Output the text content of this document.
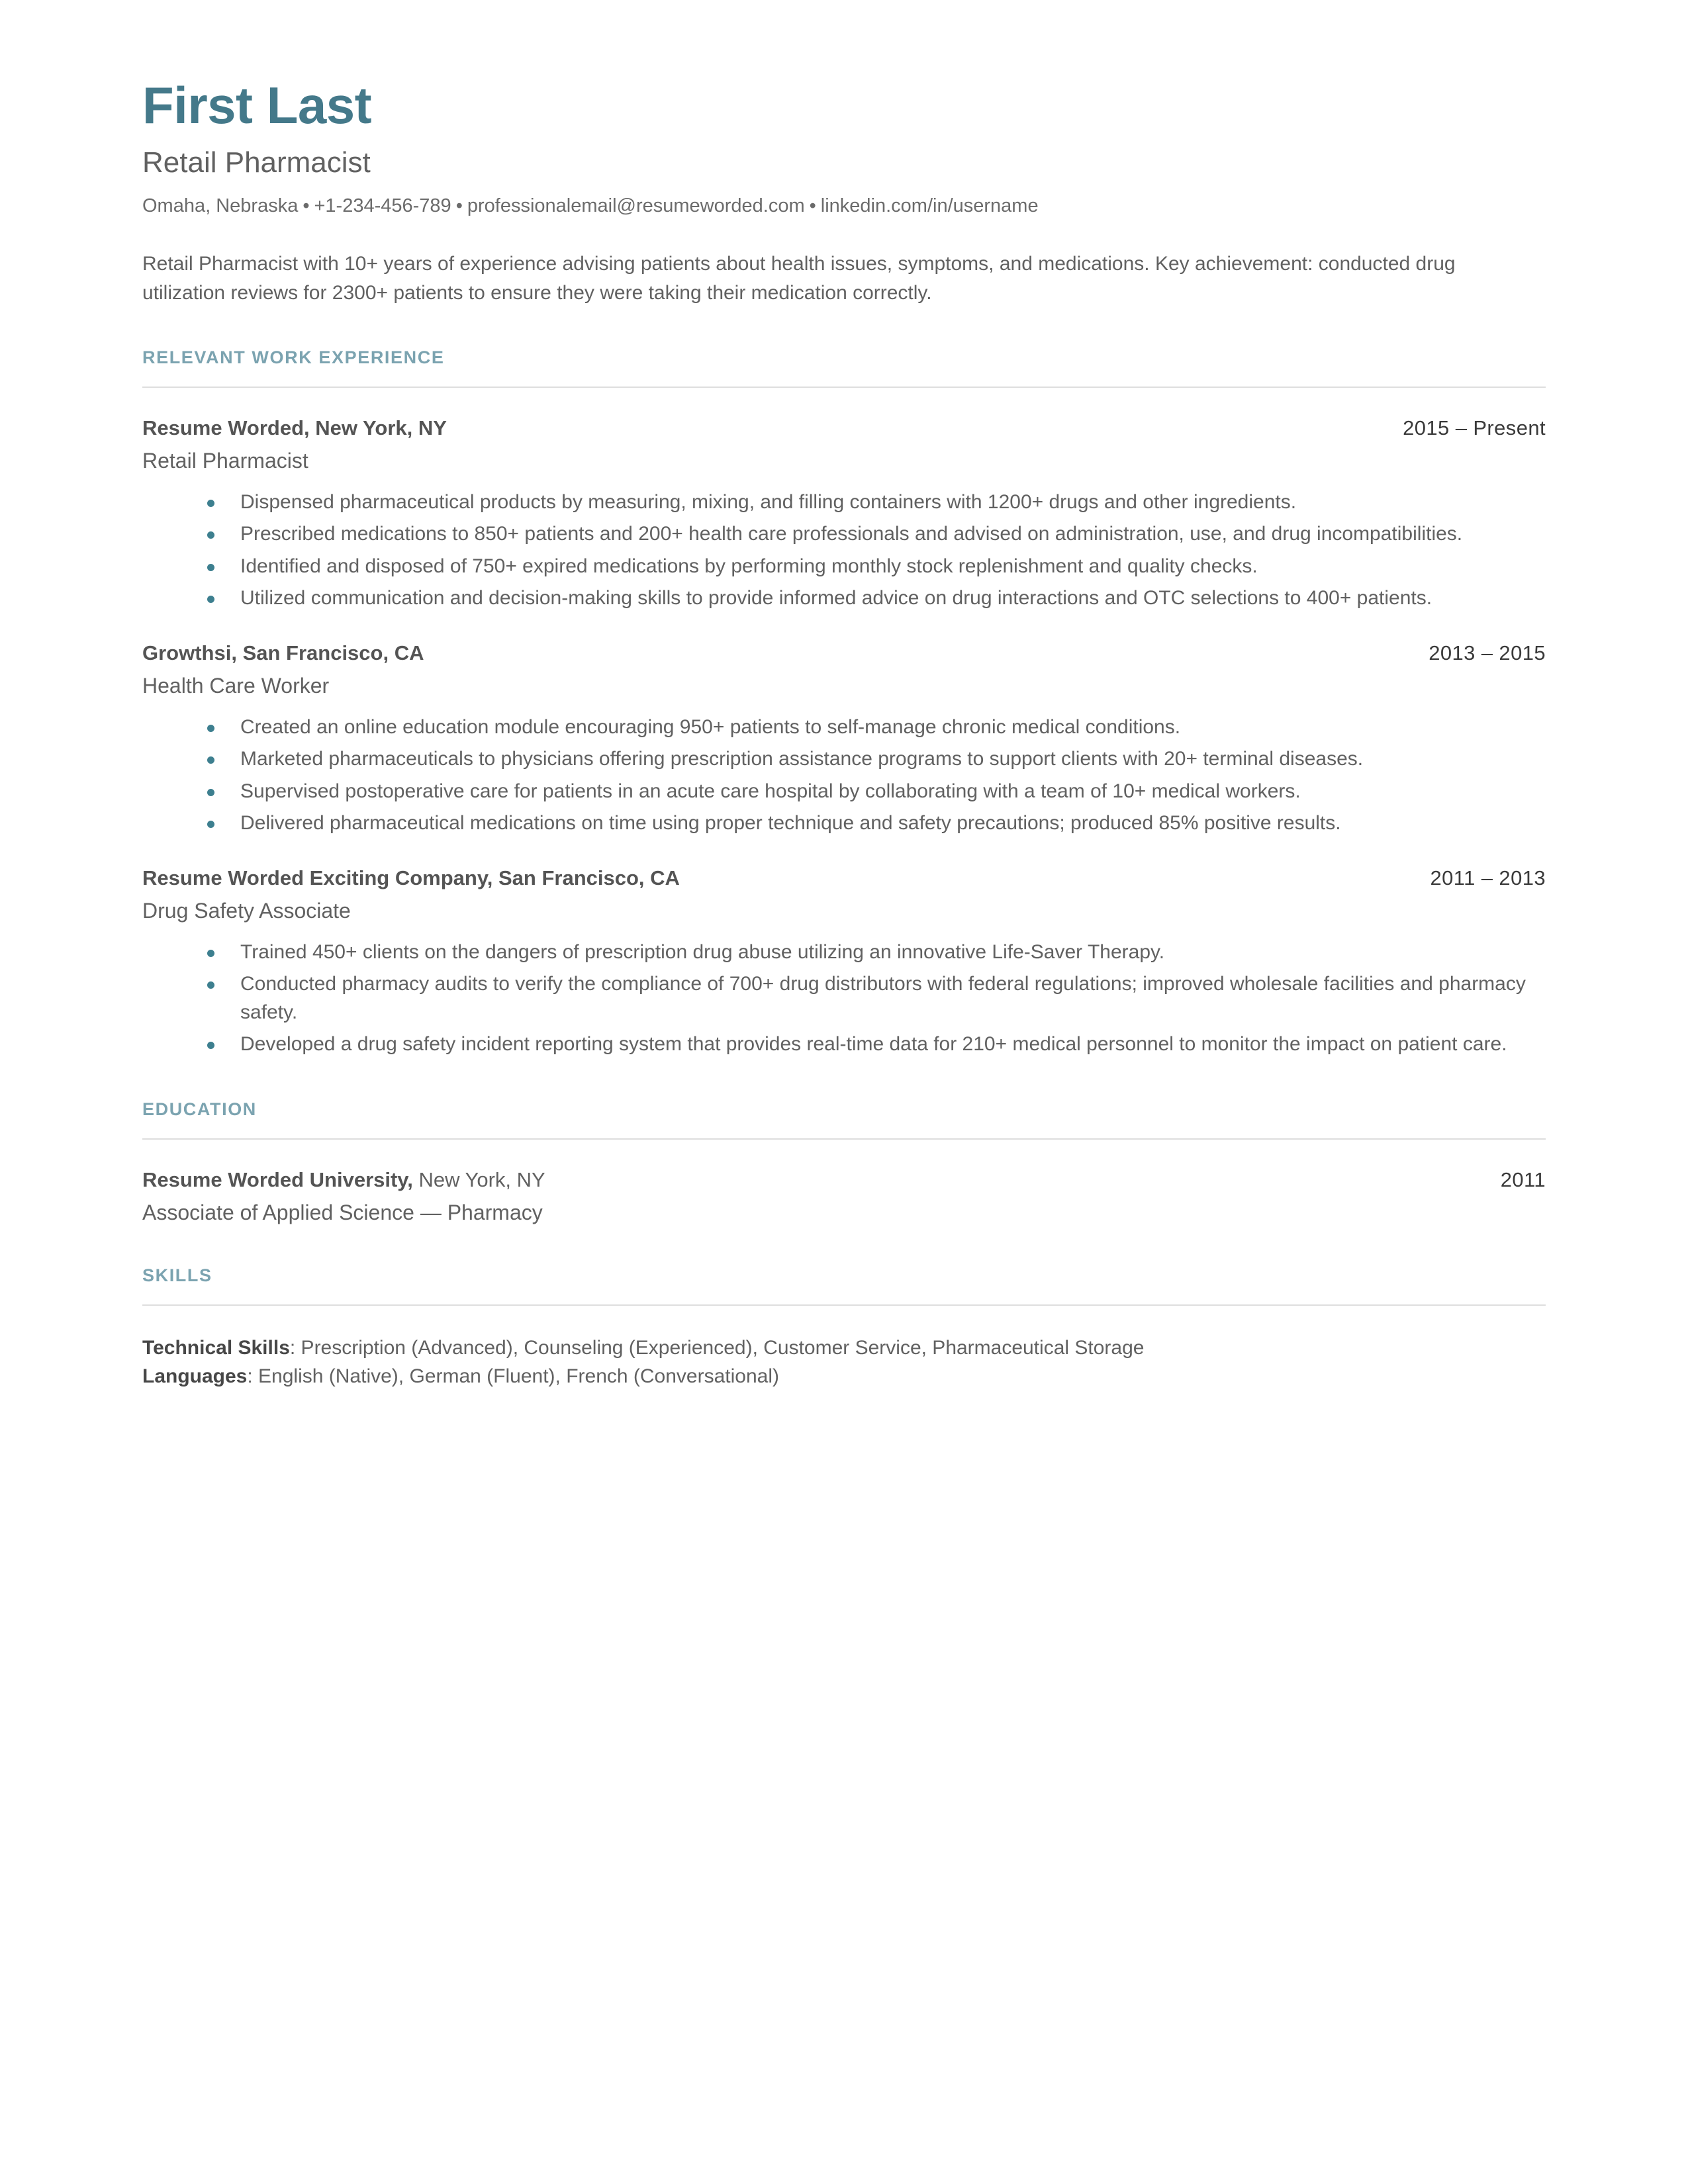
First Last
Retail Pharmacist
Omaha, Nebraska • +1-234-456-789 • professionalemail@resumeworded.com • linkedin.com/in/username
Retail Pharmacist with 10+ years of experience advising patients about health issues, symptoms, and medications. Key achievement: conducted drug utilization reviews for 2300+ patients to ensure they were taking their medication correctly.
RELEVANT WORK EXPERIENCE
Resume Worded, New York, NY	2015 – Present
Retail Pharmacist
Dispensed pharmaceutical products by measuring, mixing, and filling containers with 1200+ drugs and other ingredients.
Prescribed medications to 850+ patients and 200+ health care professionals and advised on administration, use, and drug incompatibilities.
Identified and disposed of 750+ expired medications by performing monthly stock replenishment and quality checks.
Utilized communication and decision-making skills to provide informed advice on drug interactions and OTC selections to 400+ patients.
Growthsi, San Francisco, CA	2013 – 2015
Health Care Worker
Created an online education module encouraging 950+ patients to self-manage chronic medical conditions.
Marketed pharmaceuticals to physicians offering prescription assistance programs to support clients with 20+ terminal diseases.
Supervised postoperative care for patients in an acute care hospital by collaborating with a team of 10+ medical workers.
Delivered pharmaceutical medications on time using proper technique and safety precautions; produced 85% positive results.
Resume Worded Exciting Company, San Francisco, CA	2011 – 2013
Drug Safety Associate
Trained 450+ clients on the dangers of prescription drug abuse utilizing an innovative Life-Saver Therapy.
Conducted pharmacy audits to verify the compliance of 700+ drug distributors with federal regulations; improved wholesale facilities and pharmacy safety.
Developed a drug safety incident reporting system that provides real-time data for 210+ medical personnel to monitor the impact on patient care.
EDUCATION
Resume Worded University, New York, NY	2011
Associate of Applied Science — Pharmacy
SKILLS
Technical Skills: Prescription (Advanced), Counseling (Experienced), Customer Service, Pharmaceutical Storage
Languages: English (Native), German (Fluent), French (Conversational)
